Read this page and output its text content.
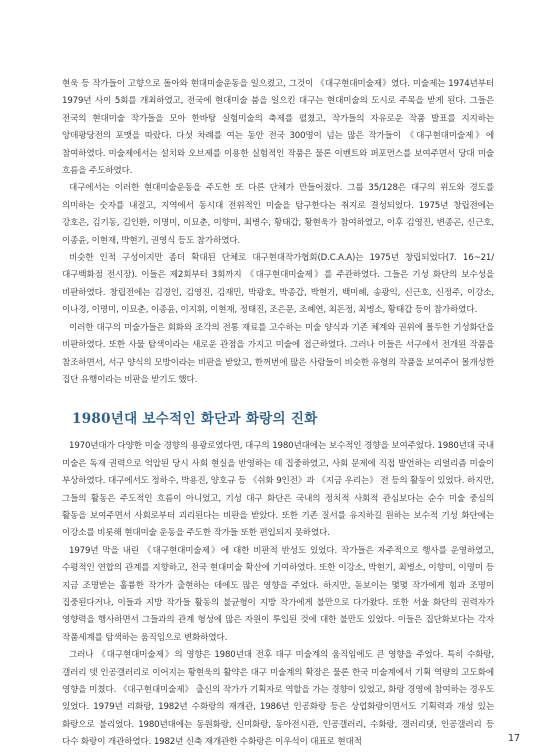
현욱 등 작가들이 고향으로 돌아와 현대미술운동을 일으켰고, 그것이 《대구현대미술제》였다. 미술제는 1974년부터 1979년 사이 5회를 개최하였고, 전국에 현대미술 붐을 일으킨 대구는 현대미술의 도시로 주목을 받게 된다. 그들은 전국의 현대미술 작가들을 모아 한바탕 실험미술의 축제를 펼쳤고, 작가들의 자유로운 작품 발표를 지지하는 앙데팡당전의 포맷을 따랐다. 다섯 차례를 여는 동안 전국 300명이 넘는 많은 작가들이 《대구현대미술제》에 참여하였다. 미술제에서는 설치와 오브제를 이용한 실험적인 작품은 물론 이벤트와 퍼포먼스를 보여주면서 당대 미술 흐름을 주도하였다.

대구에서는 이러한 현대미술운동을 주도한 또 다른 단체가 만들어졌다. 그룹 35/128은 대구의 위도와 경도를 의미하는 숫자를 내걸고, 지역에서 동시대 전위적인 미술을 탐구한다는 취지로 결성되었다. 1975년 창립전에는 강호은, 김기동, 김인환, 이명미, 이묘춘, 이향미, 최병수, 황태갑, 황현욱가 참여하였고, 이후 김영진, 변종곤, 신근호, 이종윤, 이현재, 박현기, 권영식 등도 참가하였다.

비슷한 인적 구성이지만 좀더 확대된 단체로 대구현대작가협회(D.C.A.A)는 1975년 창립되었다(7. 16~21/대구백화점 전시장). 이들은 제2회부터 3회까지 《대구현대미술제》를 주관하였다. 그들은 기성 화단의 보수성을 비판하였다. 창립전에는 김경인, 김영진, 김재민, 박광호, 박종갑, 박현기, 백미혜, 송광익, 신근호, 신정주, 이강소, 이나경, 이명미, 이묘춘, 이종윤, 이지휘, 이현재, 정태진, 조은문, 조혜연, 최돈정, 최병소, 황태갑 등이 참가하였다.

이러한 대구의 미술가들은 회화와 조각의 전통 재료를 고수하는 미술 양식과 기존 체계와 권위에 몰두한 기성화단을 비판하였다. 또한 사물 탐색이라는 새로운 관점을 가지고 미술에 접근하였다. 그러나 이들은 서구에서 전개된 작품을 참조하면서, 서구 양식의 모방이라는 비판을 받았고, 한꺼번에 많은 사람들이 비슷한 유형의 작품을 보여주어 몰개성한 집단 유행이라는 비판을 받기도 했다.

1980년대 보수적인 화단과 화랑의 진화

1970년대가 다양한 미술 경향의 용광로였다면, 대구의 1980년대에는 보수적인 경향을 보여주었다. 1980년대 국내 미술은 독재 권력으로 억압된 당시 사회 현실을 반영하는 데 집중하였고, 사회 문제에 직접 발언하는 리얼리즘 미술이 부상하였다. 대구에서도 정하수, 박용진, 양호규 등 《쉬화 9인전》과 《지금 우리는》 전 등의 활동이 있었다. 하지만, 그들의 활동은 주도적인 흐름이 아니었고, 기성 대구 화단은 국내의 정치적 사회적 관심보다는 순수 미술 중심의 활동을 보여주면서 사회로부터 괴리된다는 비판을 받았다. 또한 기존 질서를 유지하길 원하는 보수적 기성 화단에는 이강소를 비롯해 현대미술 운동을 주도한 작가들 또한 편입되지 못하였다.

1979년 막을 내린 《대구현대미술제》에 대한 비판적 반성도 있었다. 작가들은 자주적으로 행사를 운영하였고, 수평적인 연합의 관계를 지향하고, 전국 현대미술 확산에 기여하였다. 또한 이강소, 박현기, 최병소, 이향미, 이명미 등 지금 조명받는 훌륭한 작가가 출현하는 데에도 많은 영향을 주었다. 하지만, 돋보이는 몇몇 작가에게 힘과 조명이 집중된다거나, 이들과 지방 작가들 활동의 불균형이 지방 작가에게 불만으로 다가왔다. 또한 서울 화단의 권력자가 영향력을 행사하면서 그들과의 관계 형성에 많은 자원이 투입된 것에 대한 불만도 있었다. 이들은 집단화보다는 각자 작품세계를 탐색하는 움직임으로 변화하였다.

그러나 《대구현대미술제》의 영향은 1980년대 전후 대구 미술계의 움직임에도 큰 영향을 주었다. 특히 수화랑, 갤러리 뎃 인공갤러리로 이어지는 황현욱의 활약은 대구 미술계의 확장은 물론 한국 미술계에서 기획 역량의 고도화에 영향을 미쳤다. 《대구현대미술제》 출신의 작가가 기획자로 역할을 가는 경향이 있었고, 화랑 경영에 참여하는 경우도 있었다. 1979년 리화랑, 1982년 수화랑의 재개관, 1986년 인공화랑 등은 상업화랑이면서도 기획력과 개성 있는 화랑으로 불리었다. 1980년대에는 동원화랑, 신미화랑, 동아전시관, 인공갤러리, 수화랑, 갤러리댓, 인공갤러리 등 다수 화랑이 개관하였다. 1982년 신축 재개관한 수화랑은 이우석이 대표로 현대적	17
